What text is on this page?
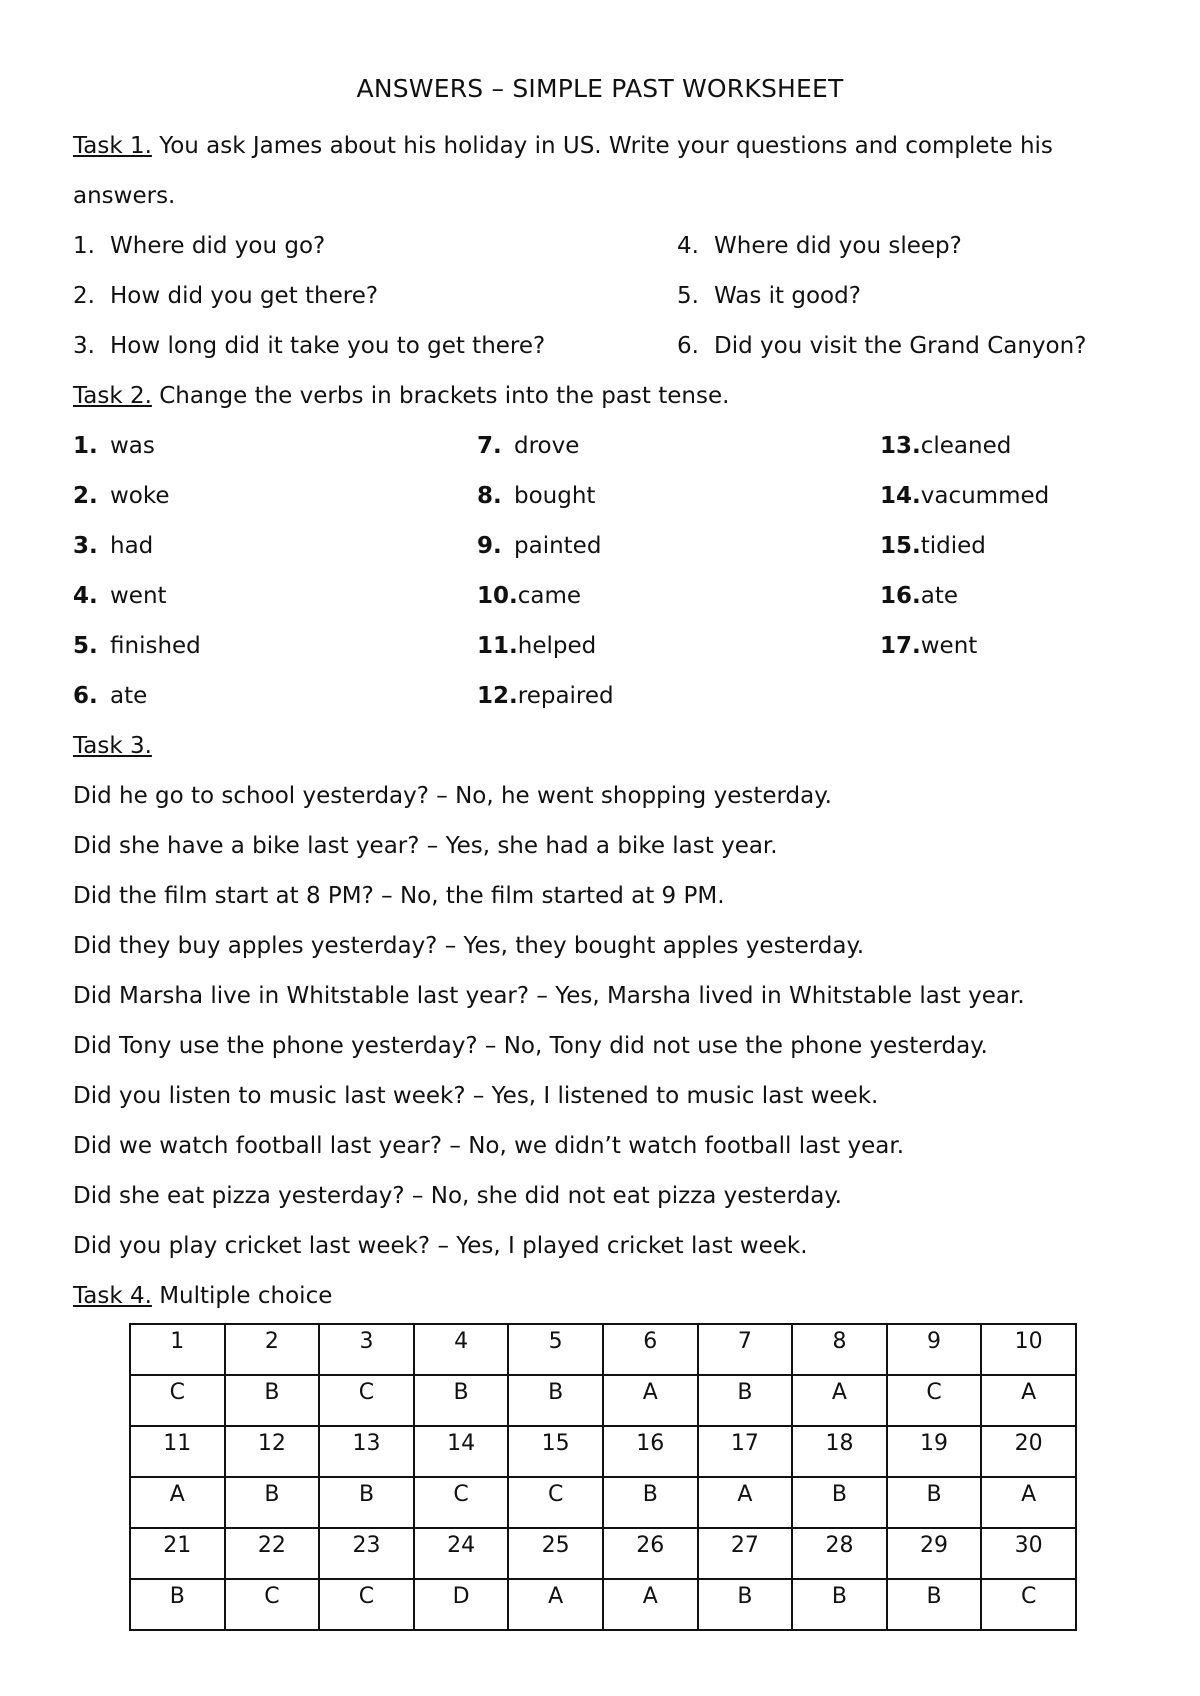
ANSWERS – SIMPLE PAST WORKSHEET
Task 1. You ask James about his holiday in US. Write your questions and complete his
answers.
1. Where did you go?
2. How did you get there?
3. How long did it take you to get there?
4. Where did you sleep?
5. Was it good?
6. Did you visit the Grand Canyon?
Task 2. Change the verbs in brackets into the past tense.
1. was
2. woke
3. had
4. went
5. finished
6. ate
7. drove
8. bought
9. painted
10.came
11.helped
12.repaired
13.cleaned
14.vacummed
15.tidied
16.ate
17.went
Task 3.
Did he go to school yesterday? – No, he went shopping yesterday.
Did she have a bike last year? – Yes, she had a bike last year.
Did the film start at 8 PM? – No, the film started at 9 PM.
Did they buy apples yesterday? – Yes, they bought apples yesterday.
Did Marsha live in Whitstable last year? – Yes, Marsha lived in Whitstable last year.
Did Tony use the phone yesterday? – No, Tony did not use the phone yesterday.
Did you listen to music last week? – Yes, I listened to music last week.
Did we watch football last year? – No, we didn’t watch football last year.
Did she eat pizza yesterday? – No, she did not eat pizza yesterday.
Did you play cricket last week? – Yes, I played cricket last week.
Task 4. Multiple choice
1	2	3	4	5	6	7	8	9	10
C	B	C	B	B	A	B	A	C	A
11	12	13	14	15	16	17	18	19	20
A	B	B	C	C	B	A	B	B	A
21	22	23	24	25	26	27	28	29	30
B	C	C	D	A	A	B	B	B	C
